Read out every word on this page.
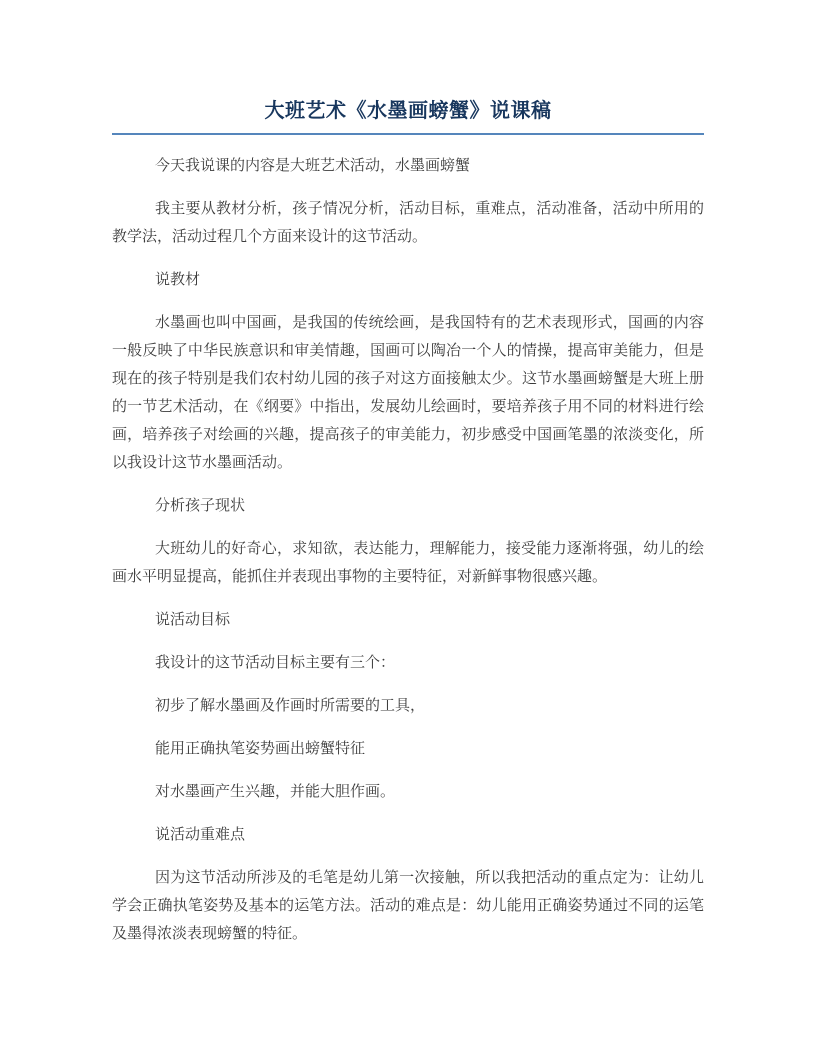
大班艺术《水墨画螃蟹》说课稿

今天我说课的内容是大班艺术活动，水墨画螃蟹

我主要从教材分析，孩子情况分析，活动目标，重难点，活动准备，活动中所用的教学法，活动过程几个方面来设计的这节活动。

说教材

水墨画也叫中国画，是我国的传统绘画，是我国特有的艺术表现形式，国画的内容一般反映了中华民族意识和审美情趣，国画可以陶冶一个人的情操，提高审美能力，但是现在的孩子特别是我们农村幼儿园的孩子对这方面接触太少。这节水墨画螃蟹是大班上册的一节艺术活动，在《纲要》中指出，发展幼儿绘画时，要培养孩子用不同的材料进行绘画，培养孩子对绘画的兴趣，提高孩子的审美能力，初步感受中国画笔墨的浓淡变化，所以我设计这节水墨画活动。

分析孩子现状

大班幼儿的好奇心，求知欲，表达能力，理解能力，接受能力逐渐将强，幼儿的绘画水平明显提高，能抓住并表现出事物的主要特征，对新鲜事物很感兴趣。

说活动目标

我设计的这节活动目标主要有三个：

初步了解水墨画及作画时所需要的工具，

能用正确执笔姿势画出螃蟹特征

对水墨画产生兴趣，并能大胆作画。

说活动重难点

因为这节活动所涉及的毛笔是幼儿第一次接触，所以我把活动的重点定为：让幼儿学会正确执笔姿势及基本的运笔方法。活动的难点是：幼儿能用正确姿势通过不同的运笔及墨得浓淡表现螃蟹的特征。
